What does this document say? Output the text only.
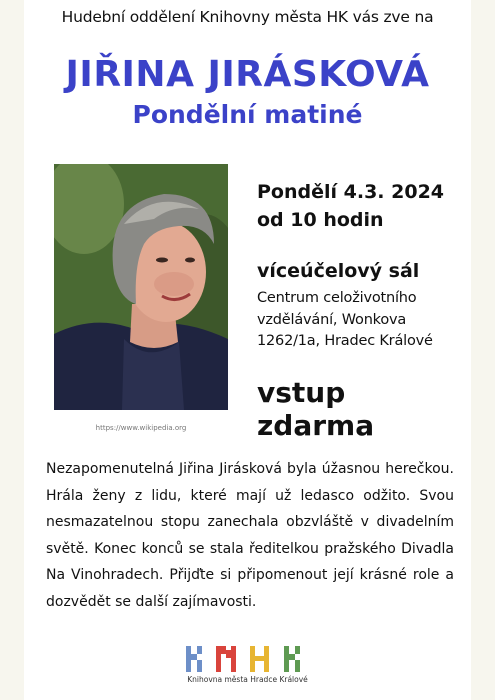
Hudební oddělení Knihovny města HK vás zve na
JIŘINA JIRÁSKOVÁ
Pondělní matiné
https://www.wikipedia.org
Pondělí 4.3. 2024
od 10 hodin
víceúčelový sál
Centrum celoživotního vzdělávání, Wonkova 1262/1a, Hradec Králové
vstup zdarma
Nezapomenutelná Jiřina Jirásková byla úžasnou herečkou. Hrála ženy z lidu, které mají už ledasco odžito. Svou nesmazatelnou stopu zanechala obzvláště v divadelním světě. Konec konců se stala ředitelkou pražského Divadla Na Vinohradech. Přijďte si připomenout její krásné role a dozvědět se další zajímavosti.
Knihovna města Hradce Králové
